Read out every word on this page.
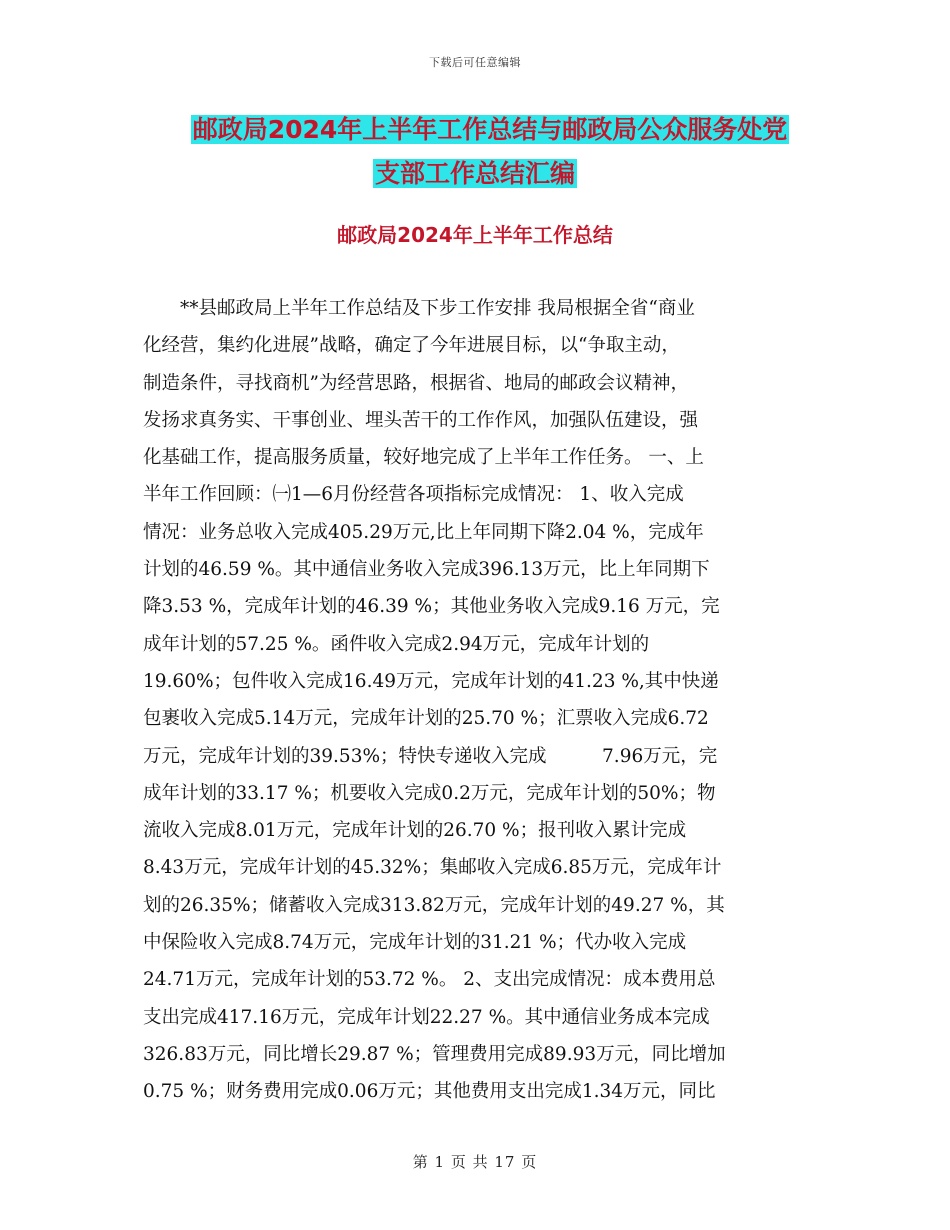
下载后可任意编辑
邮政局2024年上半年工作总结与邮政局公众服务处党
支部工作总结汇编
邮政局2024年上半年工作总结
　　**县邮政局上半年工作总结及下步工作安排 我局根据全省“商业
化经营，集约化进展”战略，确定了今年进展目标，以“争取主动，
制造条件，寻找商机”为经营思路，根据省、地局的邮政会议精神，
发扬求真务实、干事创业、埋头苦干的工作作风，加强队伍建设，强
化基础工作，提高服务质量，较好地完成了上半年工作任务。 一、上
半年工作回顾：㈠1—6月份经营各项指标完成情况： 1、收入完成
情况：业务总收入完成405.29万元,比上年同期下降2.04 %，完成年
计划的46.59 %。其中通信业务收入完成396.13万元，比上年同期下
降3.53 %，完成年计划的46.39 %；其他业务收入完成9.16 万元，完
成年计划的57.25 %。函件收入完成2.94万元，完成年计划的
19.60%；包件收入完成16.49万元，完成年计划的41.23 %,其中快递
包裹收入完成5.14万元，完成年计划的25.70 %；汇票收入完成6.72
万元，完成年计划的39.53%；特快专递收入完成　　　7.96万元，完
成年计划的33.17 %；机要收入完成0.2万元，完成年计划的50%；物
流收入完成8.01万元，完成年计划的26.70 %；报刊收入累计完成
8.43万元，完成年计划的45.32%；集邮收入完成6.85万元，完成年计
划的26.35%；储蓄收入完成313.82万元，完成年计划的49.27 %，其
中保险收入完成8.74万元，完成年计划的31.21 %；代办收入完成
24.71万元，完成年计划的53.72 %。 2、支出完成情况：成本费用总
支出完成417.16万元，完成年计划22.27 %。其中通信业务成本完成
326.83万元，同比增长29.87 %；管理费用完成89.93万元，同比增加
0.75 %；财务费用完成0.06万元；其他费用支出完成1.34万元，同比
第 1 页 共 17 页
